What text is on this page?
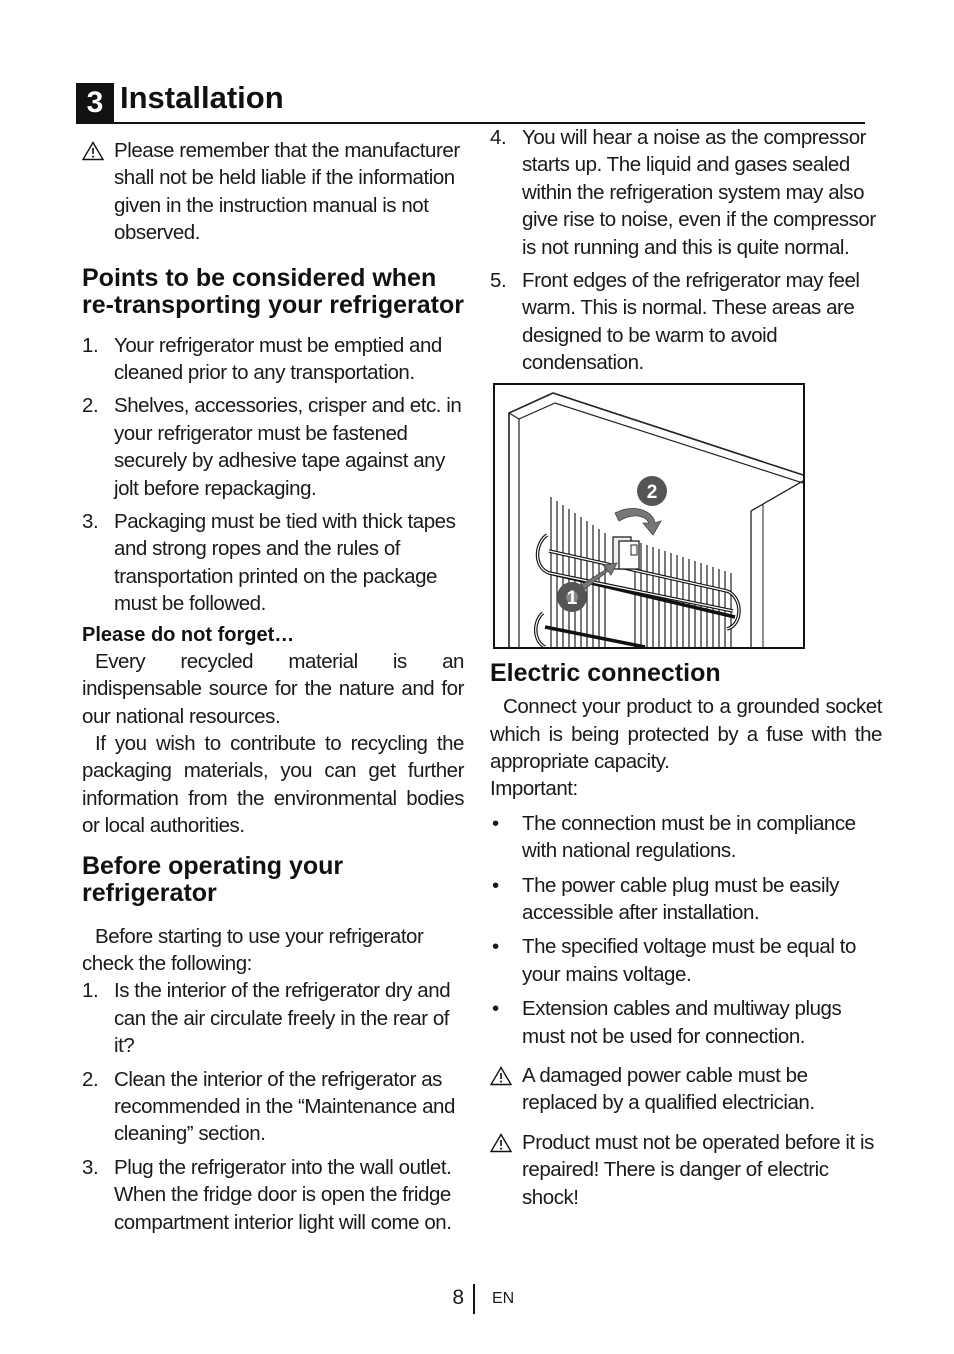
3 Installation
Please remember that the manufacturer shall not be held liable if the information given in the instruction manual is not observed.
Points to be considered when re-transporting your refrigerator
1. Your refrigerator must be emptied and cleaned prior to any transportation.
2. Shelves, accessories, crisper and etc. in your refrigerator must be fastened securely by adhesive tape against any jolt before repackaging.
3. Packaging must be tied with thick tapes and strong ropes and the rules of transportation printed on the package must be followed.
Please do not forget…
Every recycled material is an indispensable source for the nature and for our national resources.
If you wish to contribute to recycling the packaging materials, you can get further information from the environmental bodies or local authorities.
Before operating your refrigerator
Before starting to use your refrigerator check the following:
1. Is the interior of the refrigerator dry and can the air circulate freely in the rear of it?
2. Clean the interior of the refrigerator as recommended in the “Maintenance and cleaning” section.
3. Plug the refrigerator into the wall outlet. When the fridge door is open the fridge compartment interior light will come on.
4. You will hear a noise as the compressor starts up. The liquid and gases sealed within the refrigeration system may also give rise to noise, even if the compressor is not running and this is quite normal.
5. Front edges of the refrigerator may feel warm. This is normal. These areas are designed to be warm to avoid condensation.
1
2
Electric connection
Connect your product to a grounded socket which is being protected by a fuse with the appropriate capacity.
Important:
• The connection must be in compliance with national regulations.
• The power cable plug must be easily accessible after installation.
• The specified voltage must be equal to your mains voltage.
• Extension cables and multiway plugs must not be used for connection.
A damaged power cable must be replaced by a qualified electrician.
Product must not be operated before it is repaired! There is danger of electric shock!
8 EN
